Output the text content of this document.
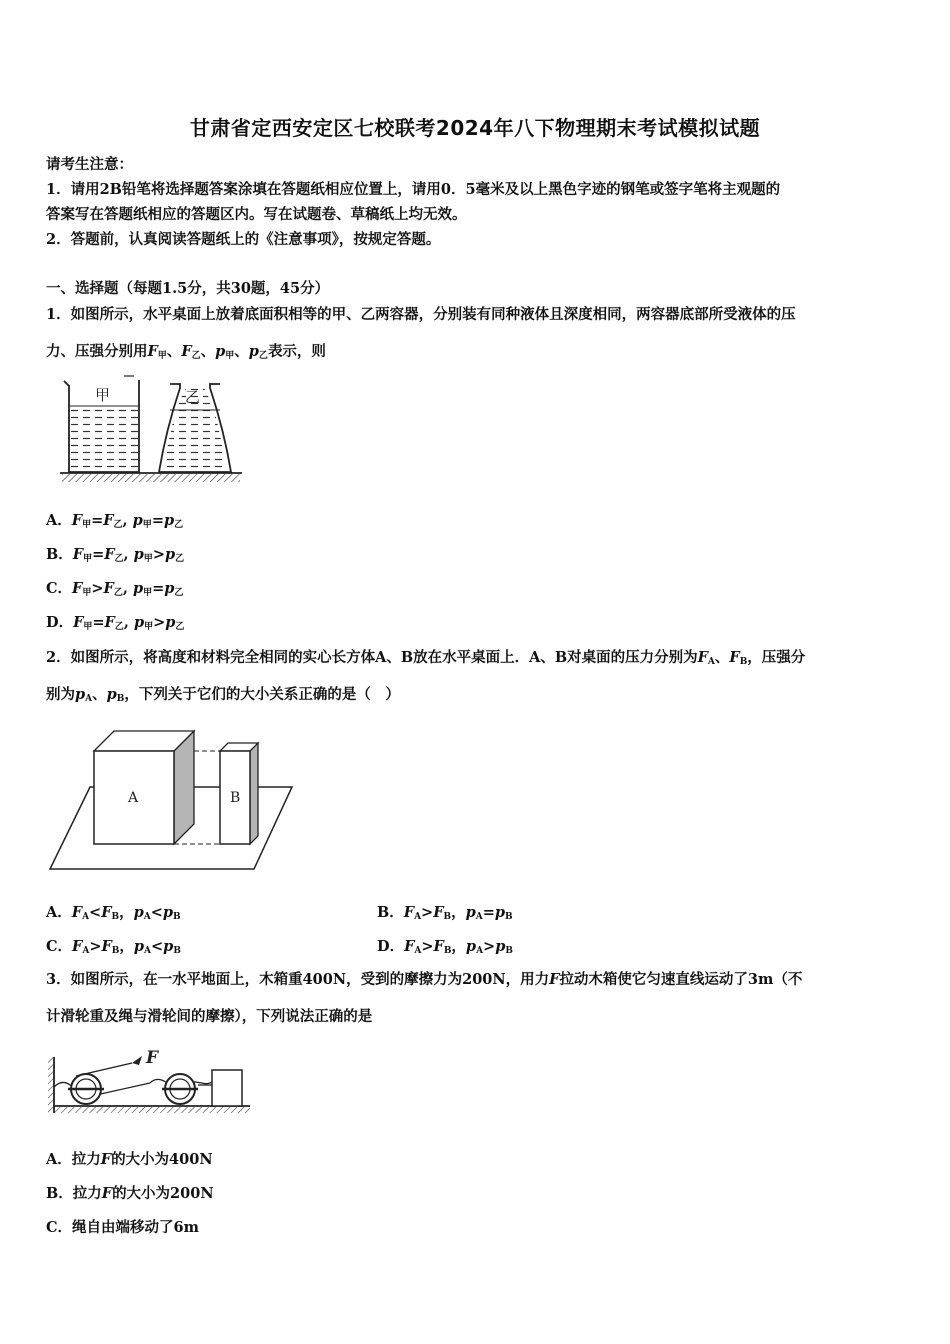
甘肃省定西安定区七校联考2024年八下物理期末考试模拟试题
请考生注意：
1．请用2B铅笔将选择题答案涂填在答题纸相应位置上，请用0．5毫米及以上黑色字迹的钢笔或签字笔将主观题的
答案写在答题纸相应的答题区内。写在试题卷、草稿纸上均无效。
2．答题前，认真阅读答题纸上的《注意事项》，按规定答题。
一、选择题（每题1.5分，共30题，45分）
1．如图所示，水平桌面上放着底面积相等的甲、乙两容器，分别装有同种液体且深度相同，两容器底部所受液体的压
力、压强分别用F甲、F乙、p甲、p乙表示，则
甲	乙
A．F甲=F乙, p甲=p乙
B．F甲=F乙, p甲>p乙
C．F甲>F乙, p甲=p乙
D．F甲=F乙, p甲>p乙
2．如图所示，将高度和材料完全相同的实心长方体A、B放在水平桌面上．A、B对桌面的压力分别为FA、FB，压强分
别为pA、pB，下列关于它们的大小关系正确的是（　）
A	B
A．FA<FB，pA<pB	B．FA>FB，pA=pB
C．FA>FB，pA<pB	D．FA>FB，pA>pB
3．如图所示，在一水平地面上，木箱重400N，受到的摩擦力为200N，用力F拉动木箱使它匀速直线运动了3m（不
计滑轮重及绳与滑轮间的摩擦），下列说法正确的是
F
A．拉力F的大小为400N
B．拉力F的大小为200N
C．绳自由端移动了6m
